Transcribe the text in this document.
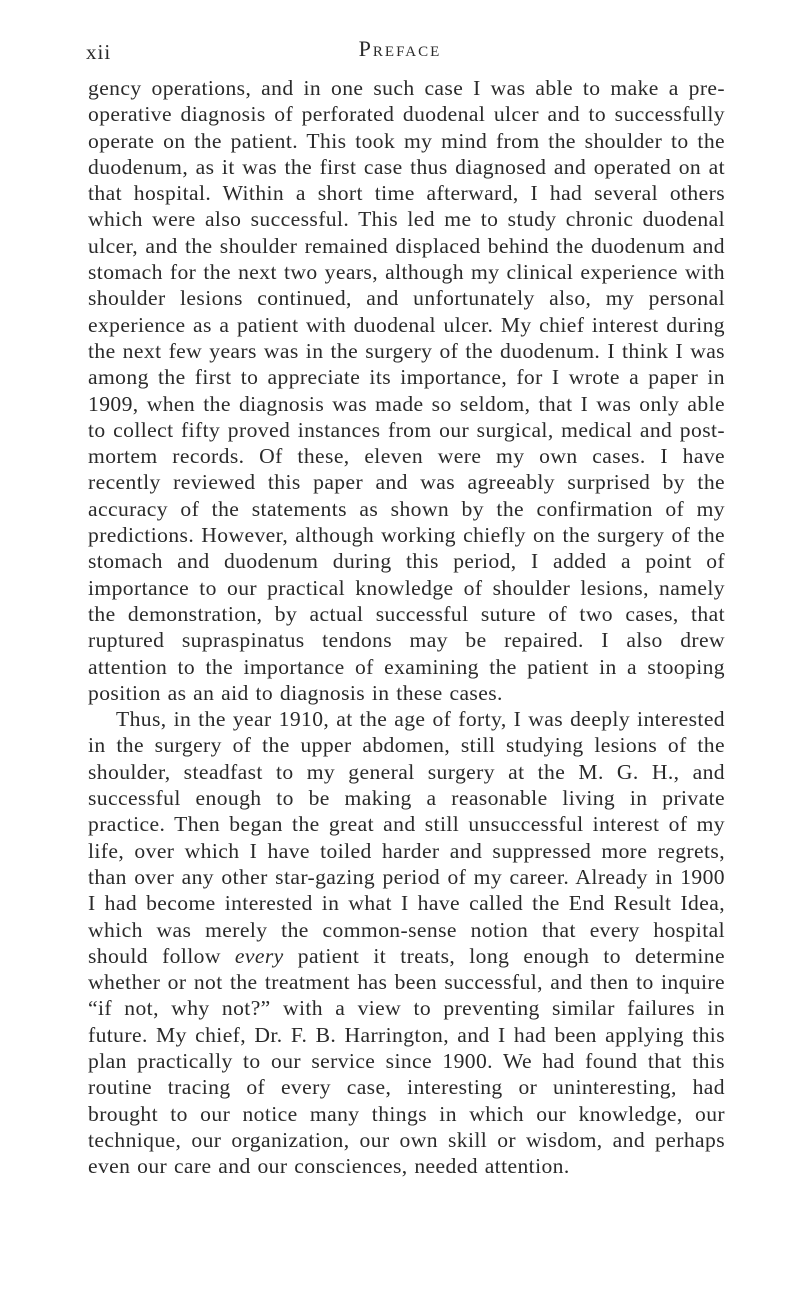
xii	Preface

gency operations, and in one such case I was able to make a pre-operative diagnosis of perforated duodenal ulcer and to successfully operate on the patient. This took my mind from the shoulder to the duodenum, as it was the first case thus diagnosed and operated on at that hospital. Within a short time afterward, I had several others which were also successful. This led me to study chronic duodenal ulcer, and the shoulder remained displaced behind the duodenum and stomach for the next two years, although my clinical experience with shoulder lesions continued, and unfortunately also, my personal experience as a patient with duodenal ulcer. My chief interest during the next few years was in the surgery of the duodenum. I think I was among the first to appreciate its importance, for I wrote a paper in 1909, when the diagnosis was made so seldom, that I was only able to collect fifty proved instances from our surgical, medical and post-mortem records. Of these, eleven were my own cases. I have recently reviewed this paper and was agreeably surprised by the accuracy of the statements as shown by the confirmation of my predictions. However, although working chiefly on the surgery of the stomach and duodenum during this period, I added a point of importance to our practical knowledge of shoulder lesions, namely the demonstration, by actual successful suture of two cases, that ruptured supraspinatus tendons may be repaired. I also drew attention to the importance of examining the patient in a stooping position as an aid to diagnosis in these cases.

Thus, in the year 1910, at the age of forty, I was deeply interested in the surgery of the upper abdomen, still studying lesions of the shoulder, steadfast to my general surgery at the M. G. H., and successful enough to be making a reasonable living in private practice. Then began the great and still unsuccessful interest of my life, over which I have toiled harder and suppressed more regrets, than over any other star-gazing period of my career. Already in 1900 I had become interested in what I have called the End Result Idea, which was merely the common-sense notion that every hospital should follow every patient it treats, long enough to determine whether or not the treatment has been successful, and then to inquire “if not, why not?” with a view to preventing similar failures in future. My chief, Dr. F. B. Harrington, and I had been applying this plan practically to our service since 1900. We had found that this routine tracing of every case, interesting or uninteresting, had brought to our notice many things in which our knowledge, our technique, our organization, our own skill or wisdom, and perhaps even our care and our consciences, needed attention.
